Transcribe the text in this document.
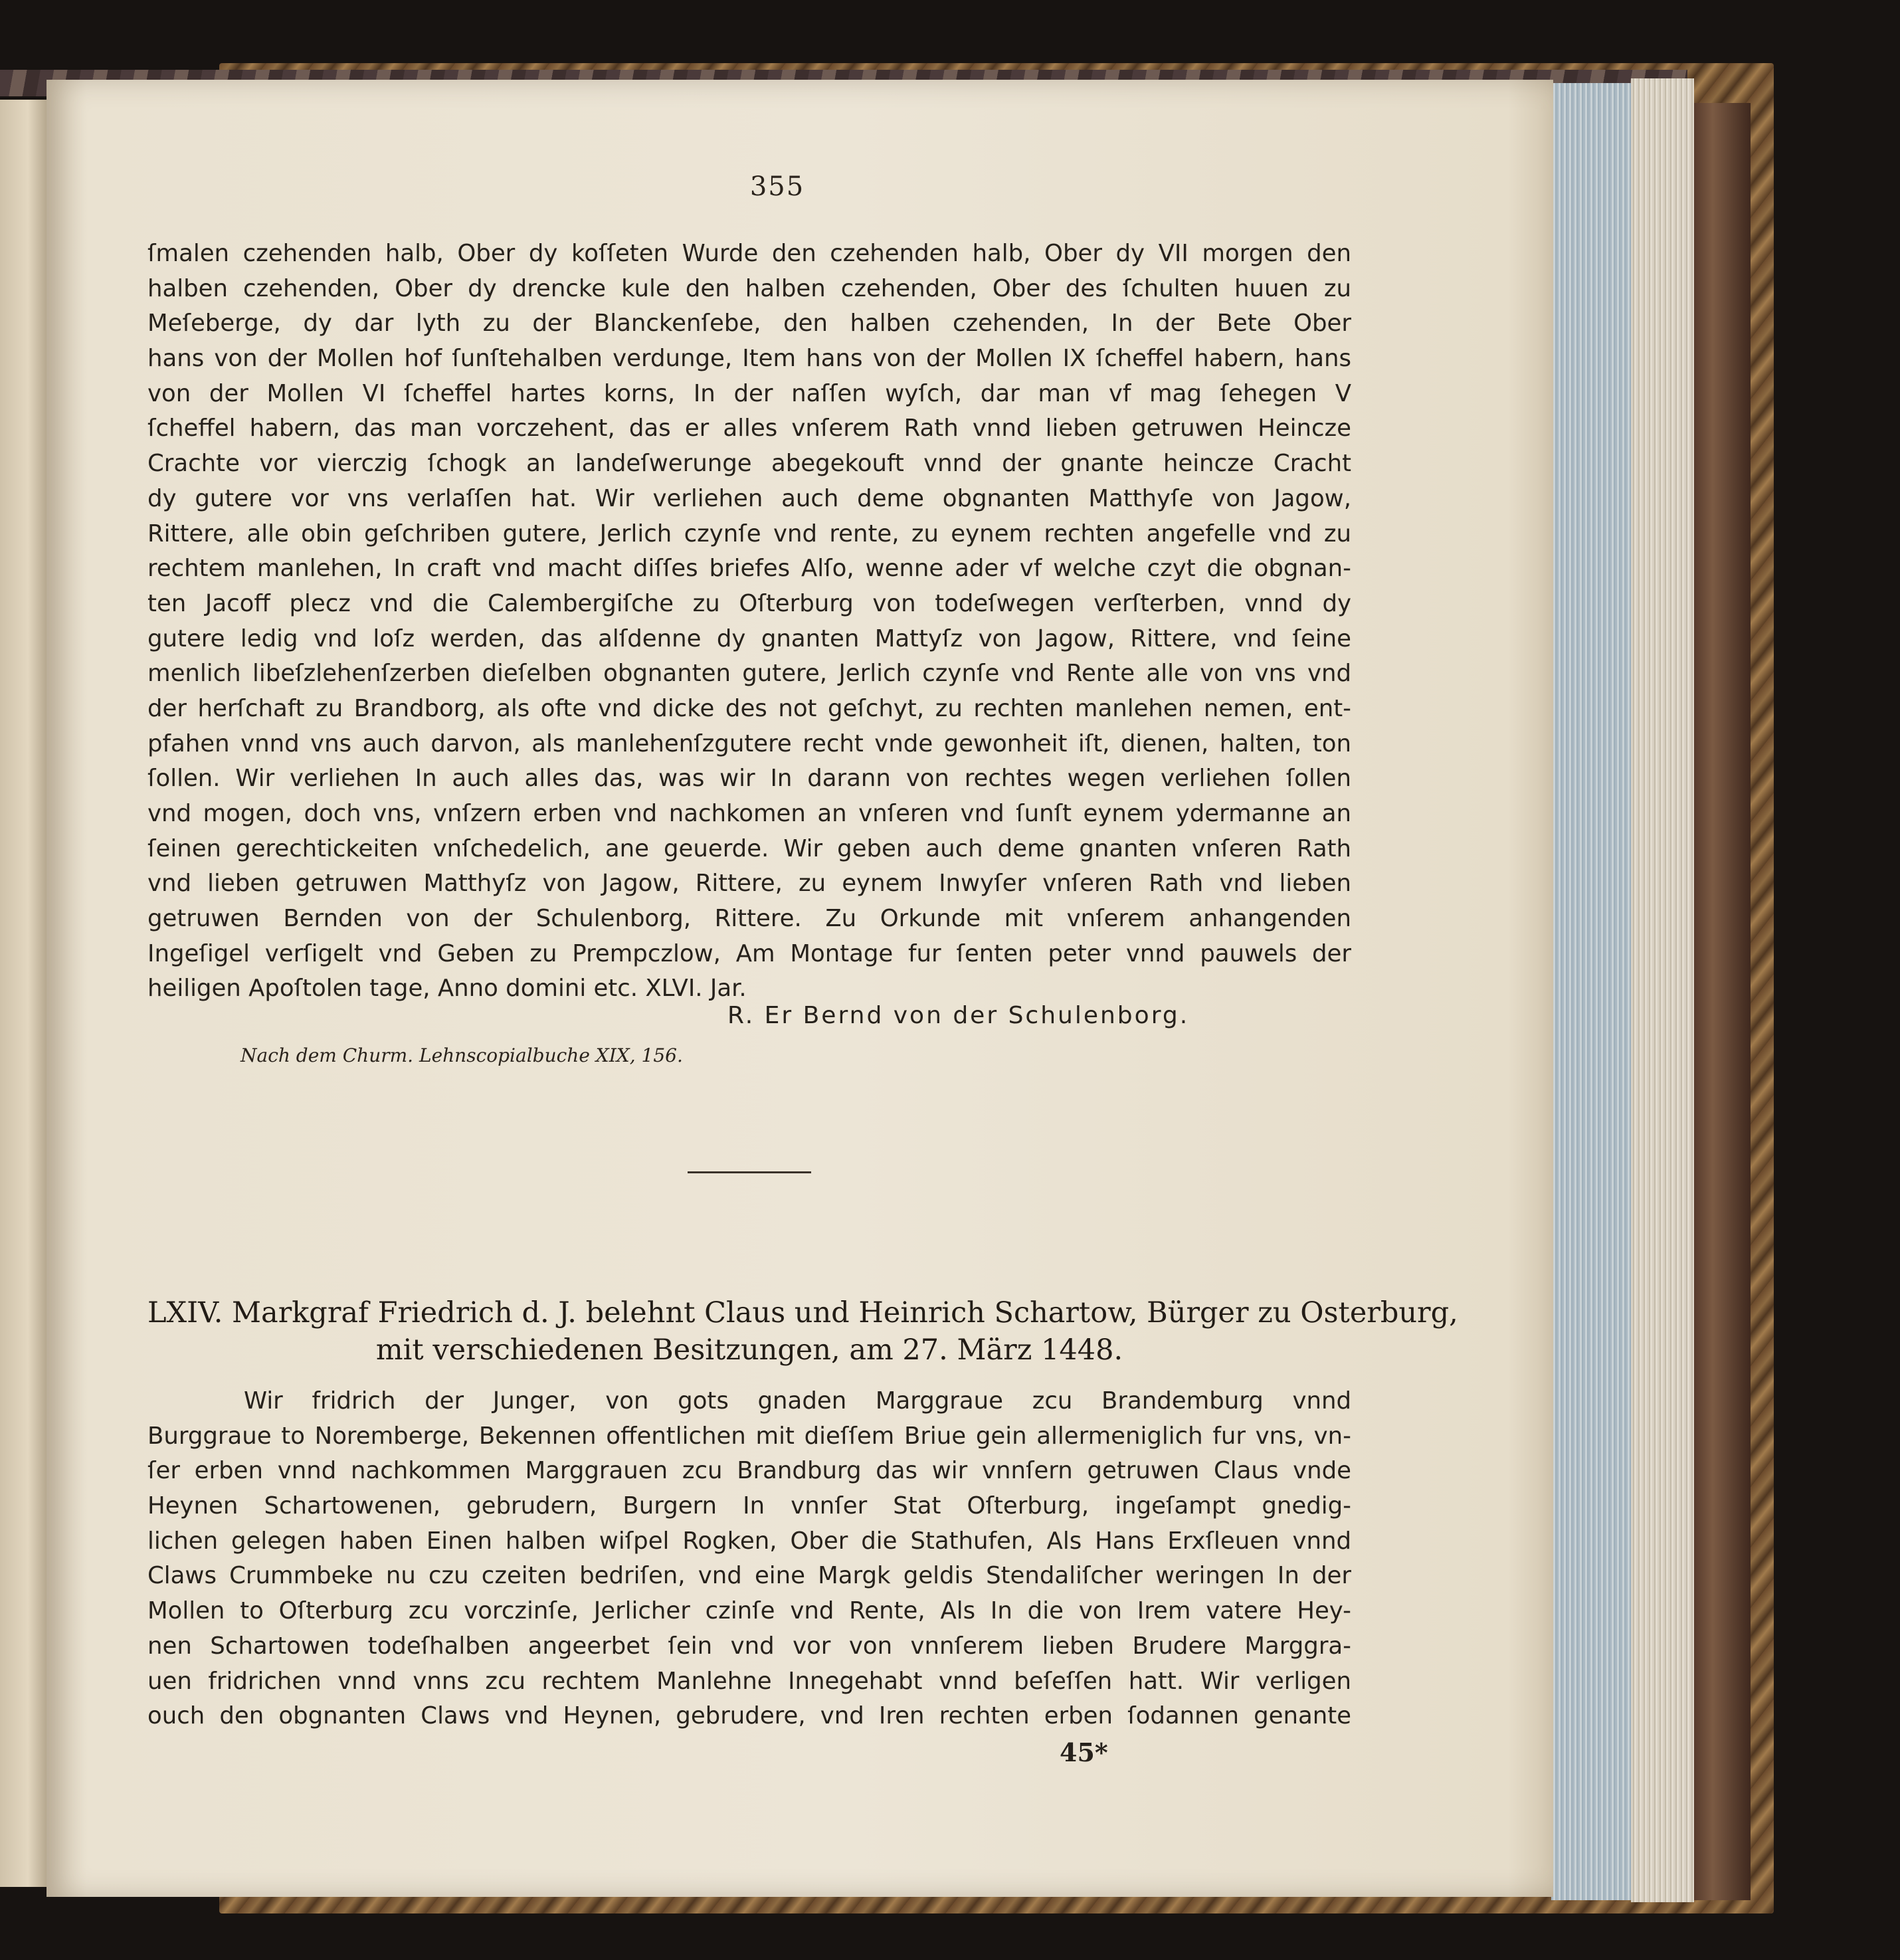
355
ſmalen czehenden halb, Ober dy koſſeten Wurde den czehenden halb, Ober dy VII morgen den
halben czehenden, Ober dy drencke kule den halben czehenden, Ober des ſchulten huuen zu
Meſeberge, dy dar lyth zu der Blanckenſebe, den halben czehenden, In der Bete Ober
hans von der Mollen hof ſunſtehalben verdunge, Item hans von der Mollen IX ſcheffel habern, hans
von der Mollen VI ſcheffel hartes korns, In der naſſen wyſch, dar man vf mag ſehegen V
ſcheffel habern, das man vorczehent, das er alles vnſerem Rath vnnd lieben getruwen Heincze
Crachte vor vierczig ſchogk an landeſwerunge abegekouft vnnd der gnante heincze Cracht
dy gutere vor vns verlaſſen hat. Wir verliehen auch deme obgnanten Matthyſe von Jagow,
Rittere, alle obin geſchriben gutere, Jerlich czynſe vnd rente, zu eynem rechten angefelle vnd zu
rechtem manlehen, In craft vnd macht diſſes briefes Alſo, wenne ader vf welche czyt die obgnan-
ten Jacoff plecz vnd die Calembergiſche zu Oſterburg von todeſwegen verſterben, vnnd dy
gutere ledig vnd loſz werden, das alſdenne dy gnanten Mattyſz von Jagow, Rittere, vnd ſeine
menlich libeſzlehenſzerben dieſelben obgnanten gutere, Jerlich czynſe vnd Rente alle von vns vnd
der herſchaft zu Brandborg, als ofte vnd dicke des not geſchyt, zu rechten manlehen nemen, ent-
pfahen vnnd vns auch darvon, als manlehenſzgutere recht vnde gewonheit iſt, dienen, halten, ton
ſollen. Wir verliehen In auch alles das, was wir In darann von rechtes wegen verliehen ſollen
vnd mogen, doch vns, vnſzern erben vnd nachkomen an vnſeren vnd ſunſt eynem ydermanne an
ſeinen gerechtickeiten vnſchedelich, ane geuerde. Wir geben auch deme gnanten vnſeren Rath
vnd lieben getruwen Matthyſz von Jagow, Rittere, zu eynem Inwyſer vnſeren Rath vnd lieben
getruwen Bernden von der Schulenborg, Rittere. Zu Orkunde mit vnſerem anhangenden
Ingeſigel verſigelt vnd Geben zu Prempczlow, Am Montage fur ſenten peter vnnd pauwels der
heiligen Apoſtolen tage, Anno domini etc. XLVI. Jar.
R. Er Bernd von der Schulenborg.
Nach dem Churm. Lehnscopialbuche XIX, 156.
LXIV. Markgraf Friedrich d. J. belehnt Claus und Heinrich Schartow, Bürger zu Osterburg,
mit verschiedenen Besitzungen, am 27. März 1448.
Wir fridrich der Junger, von gots gnaden Marggraue zcu Brandemburg vnnd
Burggraue to Noremberge, Bekennen offentlichen mit dieſſem Briue gein allermeniglich fur vns, vn-
ſer erben vnnd nachkommen Marggrauen zcu Brandburg das wir vnnſern getruwen Claus vnde
Heynen Schartowenen, gebrudern, Burgern In vnnſer Stat Oſterburg, ingeſampt gnedig-
lichen gelegen haben Einen halben wiſpel Rogken, Ober die Stathufen, Als Hans Erxſleuen vnnd
Claws Crummbeke nu czu czeiten bedriſen, vnd eine Margk geldis Stendaliſcher weringen In der
Mollen to Oſterburg zcu vorczinſe, Jerlicher czinſe vnd Rente, Als In die von Irem vatere Hey-
nen Schartowen todeſhalben angeerbet ſein vnd vor von vnnſerem lieben Brudere Marggra-
uen fridrichen vnnd vnns zcu rechtem Manlehne Innegehabt vnnd beſeſſen hatt. Wir verligen
ouch den obgnanten Claws vnd Heynen, gebrudere, vnd Iren rechten erben ſodannen genante
45*
